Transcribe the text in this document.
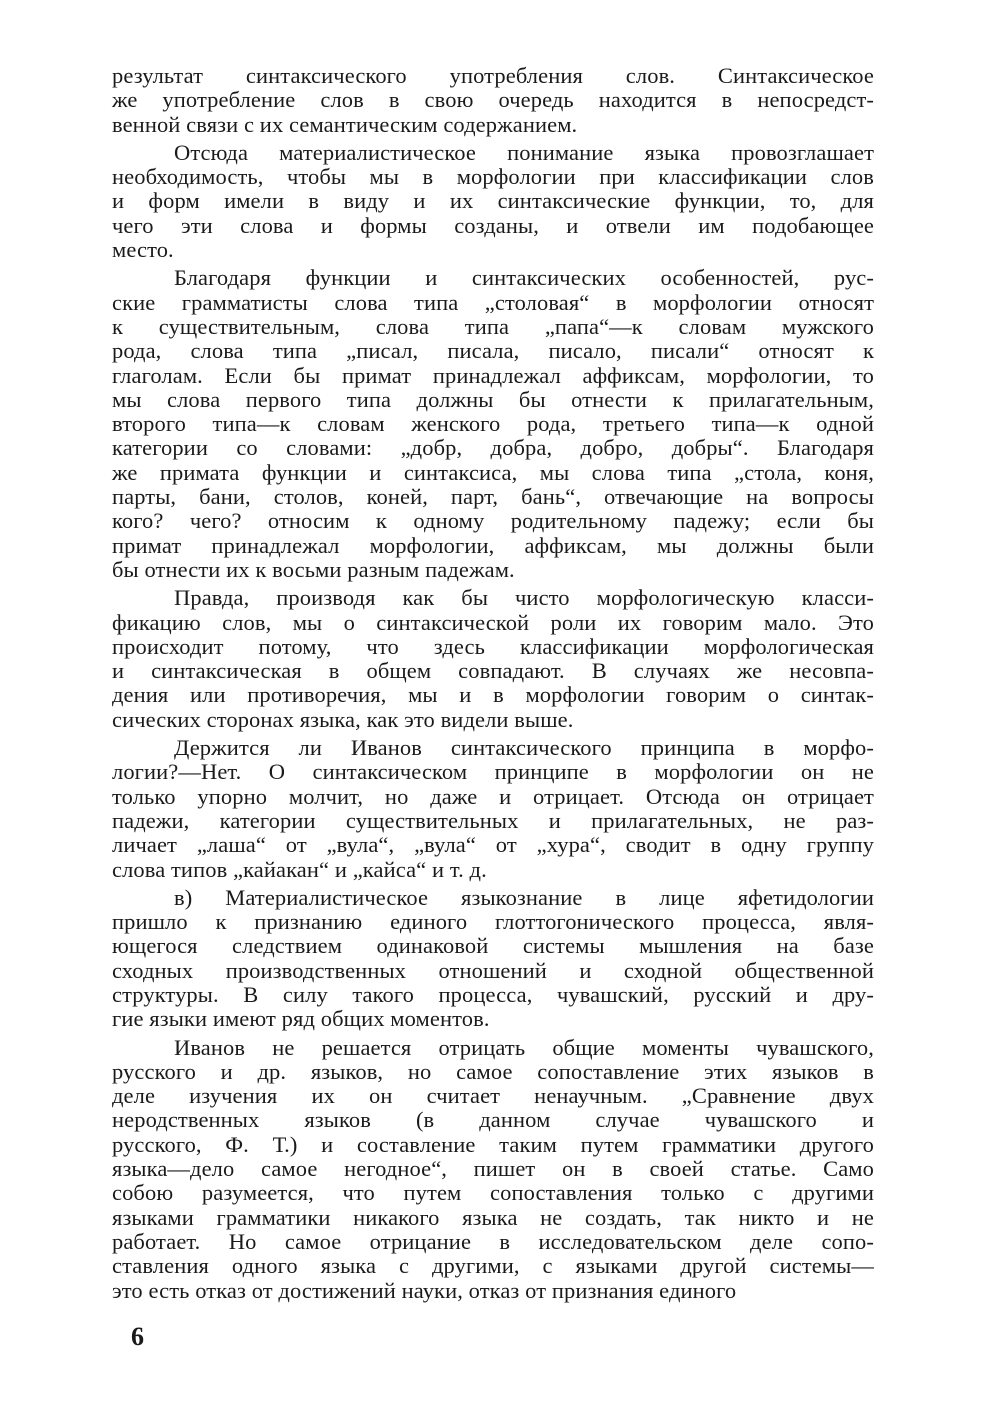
результат синтаксического употребления слов. Синтаксическое
же употребление слов в свою очередь находится в непосредст-
венной связи с их семантическим содержанием.
Отсюда материалистическое понимание языка провозглашает
необходимость, чтобы мы в морфологии при классификации слов
и форм имели в виду и их синтаксические функции, то, для
чего эти слова и формы созданы, и отвели им подобающее
место.
Благодаря функции и синтаксических особенностей, рус-
ские грамматисты слова типа „столовая“ в морфологии относят
к существительным, слова типа „папа“—к словам мужского
рода, слова типа „писал, писала, писало, писали“ относят к
глаголам. Если бы примат принадлежал аффиксам, морфологии, то
мы слова первого типа должны бы отнести к прилагательным,
второго типа—к словам женского рода, третьего типа—к одной
категории со словами: „добр, добра, добро, добры“. Благодаря
же примата функции и синтаксиса, мы слова типа „стола, коня,
парты, бани, столов, коней, парт, бань“, отвечающие на вопросы
кого? чего? относим к одному родительному падежу; если бы
примат принадлежал морфологии, аффиксам, мы должны были
бы отнести их к восьми разным падежам.
Правда, производя как бы чисто морфологическую класси-
фикацию слов, мы о синтаксической роли их говорим мало. Это
происходит потому, что здесь классификации морфологическая
и синтаксическая в общем совпадают. В случаях же несовпа-
дения или противоречия, мы и в морфологии говорим о синтак-
сических сторонах языка, как это видели выше.
Держится ли Иванов синтаксического принципа в морфо-
логии?—Нет. О синтаксическом принципе в морфологии он не
только упорно молчит, но даже и отрицает. Отсюда он отрицает
падежи, категории существительных и прилагательных, не раз-
личает „лаша“ от „вула“, „вула“ от „хура“, сводит в одну группу
слова типов „кайакан“ и „кайса“ и т. д.
в) Материалистическое языкознание в лице яфетидологии
пришло к признанию единого глоттогонического процесса, явля-
ющегося следствием одинаковой системы мышления на базе
сходных производственных отношений и сходной общественной
структуры. В силу такого процесса, чувашский, русский и дру-
гие языки имеют ряд общих моментов.
Иванов не решается отрицать общие моменты чувашского,
русского и др. языков, но самое сопоставление этих языков в
деле изучения их он считает ненаучным. „Сравнение двух
неродственных языков (в данном случае чувашского и
русского, Ф. Т.) и составление таким путем грамматики другого
языка—дело самое негодное“, пишет он в своей статье. Само
собою разумеется, что путем сопоставления только с другими
языками грамматики никакого языка не создать, так никто и не
работает. Но самое отрицание в исследовательском деле сопо-
ставления одного языка с другими, с языками другой системы—
это есть отказ от достижений науки, отказ от признания единого
6
